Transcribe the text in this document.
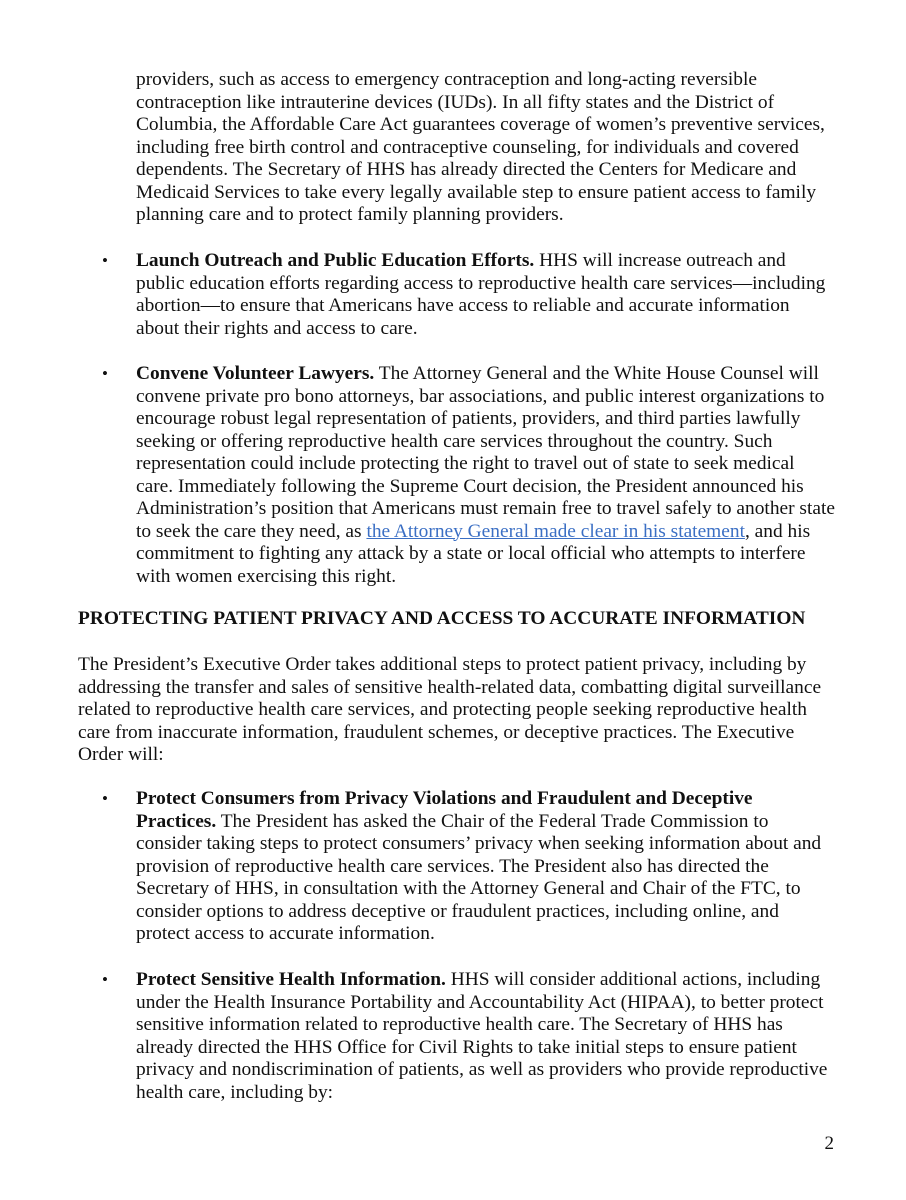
providers, such as access to emergency contraception and long-acting reversible contraception like intrauterine devices (IUDs). In all fifty states and the District of Columbia, the Affordable Care Act guarantees coverage of women’s preventive services, including free birth control and contraceptive counseling, for individuals and covered dependents. The Secretary of HHS has already directed the Centers for Medicare and Medicaid Services to take every legally available step to ensure patient access to family planning care and to protect family planning providers.

• Launch Outreach and Public Education Efforts. HHS will increase outreach and public education efforts regarding access to reproductive health care services—including abortion—to ensure that Americans have access to reliable and accurate information about their rights and access to care.

• Convene Volunteer Lawyers. The Attorney General and the White House Counsel will convene private pro bono attorneys, bar associations, and public interest organizations to encourage robust legal representation of patients, providers, and third parties lawfully seeking or offering reproductive health care services throughout the country. Such representation could include protecting the right to travel out of state to seek medical care. Immediately following the Supreme Court decision, the President announced his Administration’s position that Americans must remain free to travel safely to another state to seek the care they need, as the Attorney General made clear in his statement, and his commitment to fighting any attack by a state or local official who attempts to interfere with women exercising this right.

PROTECTING PATIENT PRIVACY AND ACCESS TO ACCURATE INFORMATION

The President’s Executive Order takes additional steps to protect patient privacy, including by addressing the transfer and sales of sensitive health-related data, combatting digital surveillance related to reproductive health care services, and protecting people seeking reproductive health care from inaccurate information, fraudulent schemes, or deceptive practices. The Executive Order will:

• Protect Consumers from Privacy Violations and Fraudulent and Deceptive Practices. The President has asked the Chair of the Federal Trade Commission to consider taking steps to protect consumers’ privacy when seeking information about and provision of reproductive health care services. The President also has directed the Secretary of HHS, in consultation with the Attorney General and Chair of the FTC, to consider options to address deceptive or fraudulent practices, including online, and protect access to accurate information.

• Protect Sensitive Health Information. HHS will consider additional actions, including under the Health Insurance Portability and Accountability Act (HIPAA), to better protect sensitive information related to reproductive health care. The Secretary of HHS has already directed the HHS Office for Civil Rights to take initial steps to ensure patient privacy and nondiscrimination of patients, as well as providers who provide reproductive health care, including by:

2
